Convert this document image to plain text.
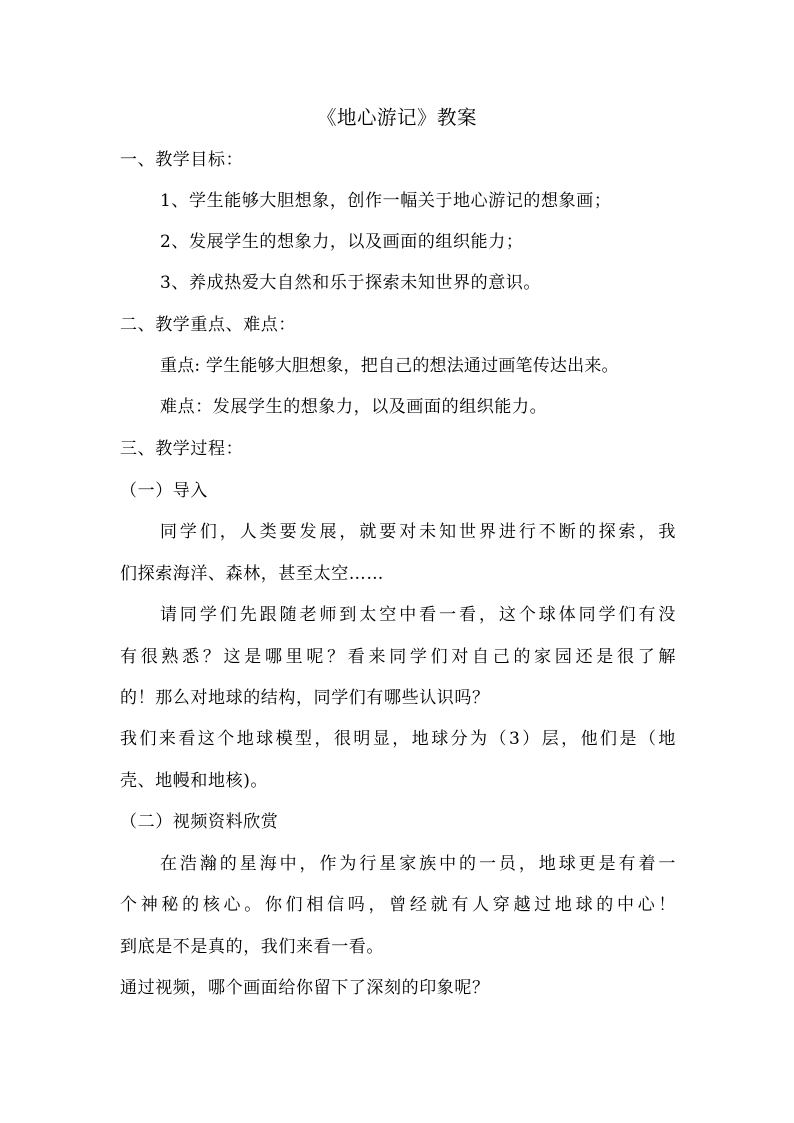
《地心游记》教案
一、教学目标：
1、学生能够大胆想象，创作一幅关于地心游记的想象画；
2、发展学生的想象力，以及画面的组织能力；
3、养成热爱大自然和乐于探索未知世界的意识。
二、教学重点、难点：
重点: 学生能够大胆想象，把自己的想法通过画笔传达出来。
难点：发展学生的想象力，以及画面的组织能力。
三、教学过程：
（一）导入
同学们，人类要发展，就要对未知世界进行不断的探索，我
们探索海洋、森林，甚至太空……
请同学们先跟随老师到太空中看一看，这个球体同学们有没
有很熟悉？这是哪里呢？看来同学们对自己的家园还是很了解
的！那么对地球的结构，同学们有哪些认识吗？
我们来看这个地球模型，很明显，地球分为（3）层，他们是（地
壳、地幔和地核)。
（二）视频资料欣赏
在浩瀚的星海中，作为行星家族中的一员，地球更是有着一
个神秘的核心。你们相信吗，曾经就有人穿越过地球的中心！
到底是不是真的，我们来看一看。
通过视频，哪个画面给你留下了深刻的印象呢？
